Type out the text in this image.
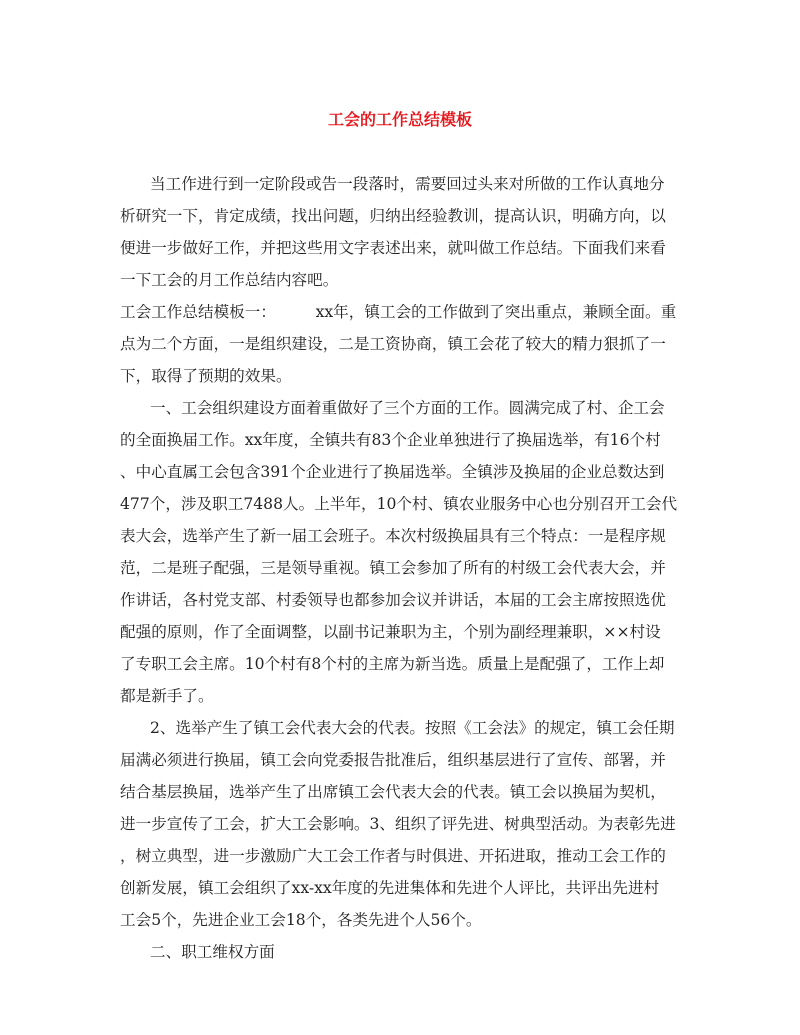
工会的工作总结模板
当工作进行到一定阶段或告一段落时，需要回过头来对所做的工作认真地分
析研究一下，肯定成绩，找出问题，归纳出经验教训，提高认识，明确方向，以
便进一步做好工作，并把这些用文字表述出来，就叫做工作总结。下面我们来看
一下工会的月工作总结内容吧。
工会工作总结模板一：        xx年，镇工会的工作做到了突出重点，兼顾全面。重
点为二个方面，一是组织建设，二是工资协商，镇工会花了较大的精力狠抓了一
下，取得了预期的效果。
一、工会组织建设方面着重做好了三个方面的工作。圆满完成了村、企工会
的全面换届工作。xx年度，全镇共有83个企业单独进行了换届选举，有16个村
、中心直属工会包含391个企业进行了换届选举。全镇涉及换届的企业总数达到
477个，涉及职工7488人。上半年，10个村、镇农业服务中心也分别召开工会代
表大会，选举产生了新一届工会班子。本次村级换届具有三个特点：一是程序规
范，二是班子配强，三是领导重视。镇工会参加了所有的村级工会代表大会，并
作讲话，各村党支部、村委领导也都参加会议并讲话，本届的工会主席按照选优
配强的原则，作了全面调整，以副书记兼职为主，个别为副经理兼职，××村设
了专职工会主席。10个村有8个村的主席为新当选。质量上是配强了，工作上却
都是新手了。
2、选举产生了镇工会代表大会的代表。按照《工会法》的规定，镇工会任期
届满必须进行换届，镇工会向党委报告批准后，组织基层进行了宣传、部署，并
结合基层换届，选举产生了出席镇工会代表大会的代表。镇工会以换届为契机，
进一步宣传了工会，扩大工会影响。3、组织了评先进、树典型活动。为表彰先进
，树立典型，进一步激励广大工会工作者与时俱进、开拓进取，推动工会工作的
创新发展，镇工会组织了xx-xx年度的先进集体和先进个人评比，共评出先进村
工会5个，先进企业工会18个，各类先进个人56个。
二、职工维权方面
